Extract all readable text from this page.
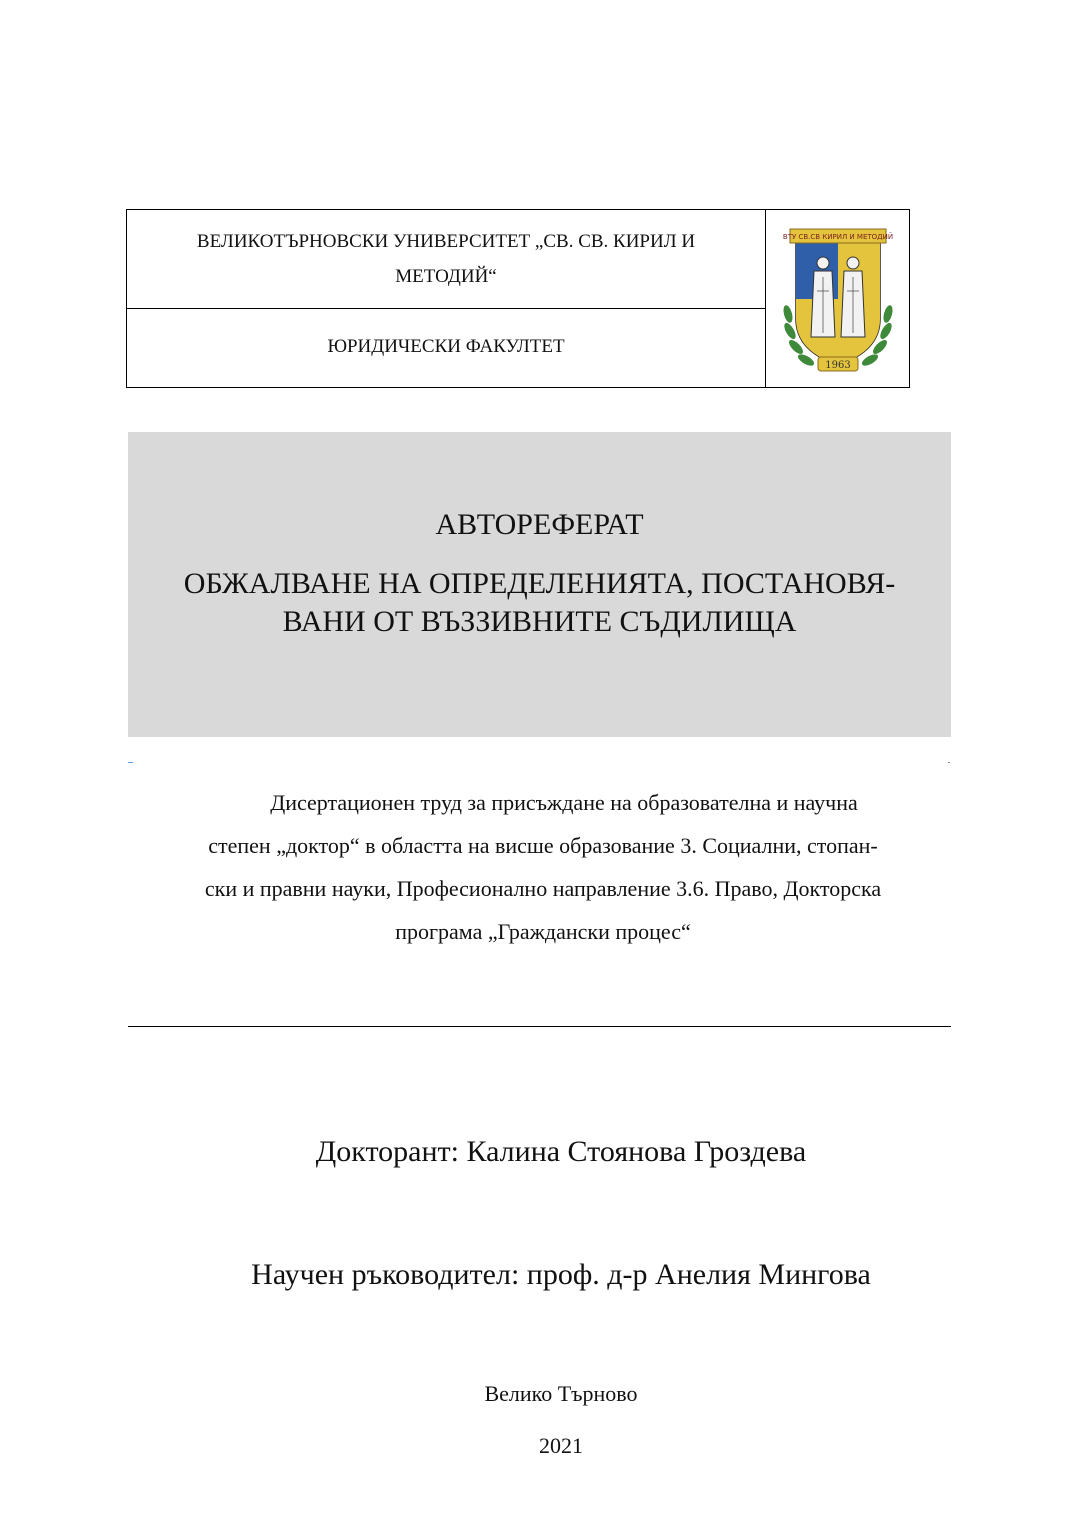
ВЕЛИКОТЪРНОВСКИ УНИВЕРСИТЕТ „СВ. СВ. КИРИЛ И МЕТОДИЙ“
ЮРИДИЧЕСКИ ФАКУЛТЕТ
ВТУ СВ.СВ КИРИЛ И МЕТОДИЙ
1963
АВТОРЕФЕРАТ
ОБЖАЛВАНЕ НА ОПРЕДЕЛЕНИЯТА, ПОСТАНОВЯ-
ВАНИ ОТ ВЪЗЗИВНИТЕ СЪДИЛИЩА
Дисертационен труд за присъждане на образователна и научна
степен „доктор“ в областта на висше образование 3. Социални, стопан-
ски и правни науки, Професионално направление 3.6. Право, Докторска
програма „Граждански процес“
Докторант: Калина Стоянова Гроздева
Научен ръководител: проф. д-р Анелия Мингова
Велико Търново
2021
